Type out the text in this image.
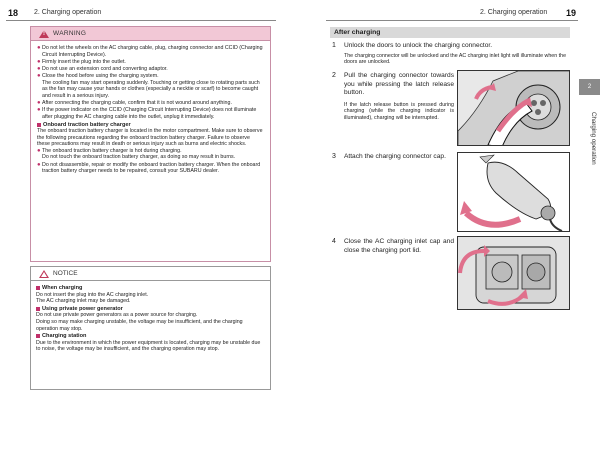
18 2. Charging operation	2. Charging operation 19
! WARNING
● Do not let the wheels on the AC charging cable, plug, charging connector and CCID (Charging Circuit Interrupting Device).
● Firmly insert the plug into the outlet.
● Do not use an extension cord and converting adaptor.
● Close the hood before using the charging system.
The cooling fan may start operating suddenly. Touching or getting close to rotating parts such as the fan may cause your hands or clothes (especially a necktie or scarf) to become caught and result in a serious injury.
● After connecting the charging cable, confirm that it is not wound around anything.
● If the power indicator on the CCID (Charging Circuit Interrupting Device) does not illuminate after plugging the AC charging cable into the outlet, unplug it immediately.
Onboard traction battery charger

The onboard traction battery charger is located in the motor compartment. Make sure to observe the following precautions regarding the onboard traction battery charger. Failure to observe these precautions may result in death or serious injury such as burns and electric shocks.

● The onboard traction battery charger is hot during charging.
Do not touch the onboard traction battery charger, as doing so may result in burns.
● Do not disassemble, repair or modify the onboard traction battery charger. When the onboard traction battery charger needs to be repaired, consult your SUBARU dealer.
NOTICE
When charging

Do not insert the plug into the AC charging inlet.
The AC charging inlet may be damaged.

Using private power generator

Do not use private power generators as a power source for charging.
Doing so may make charging unstable, the voltage may be insufficient, and the charging operation may stop.

Charging station

Due to the environment in which the power equipment is located, charging may be unstable due to noise, the voltage may be insufficient, and the charging operation may stop.

After charging
1 Unlock the doors to unlock the charging connector.
The charging connector will be unlocked and the AC charging inlet light will illuminate when the doors are unlocked.
2 Pull the charging connector towards you while pressing the latch release button.
If the latch release button is pressed during charging (while the charging indicator is illuminated), charging will be interrupted.
3 Attach the charging connector cap.
4 Close the AC charging inlet cap and close the charging port lid.
2
Charging operation
